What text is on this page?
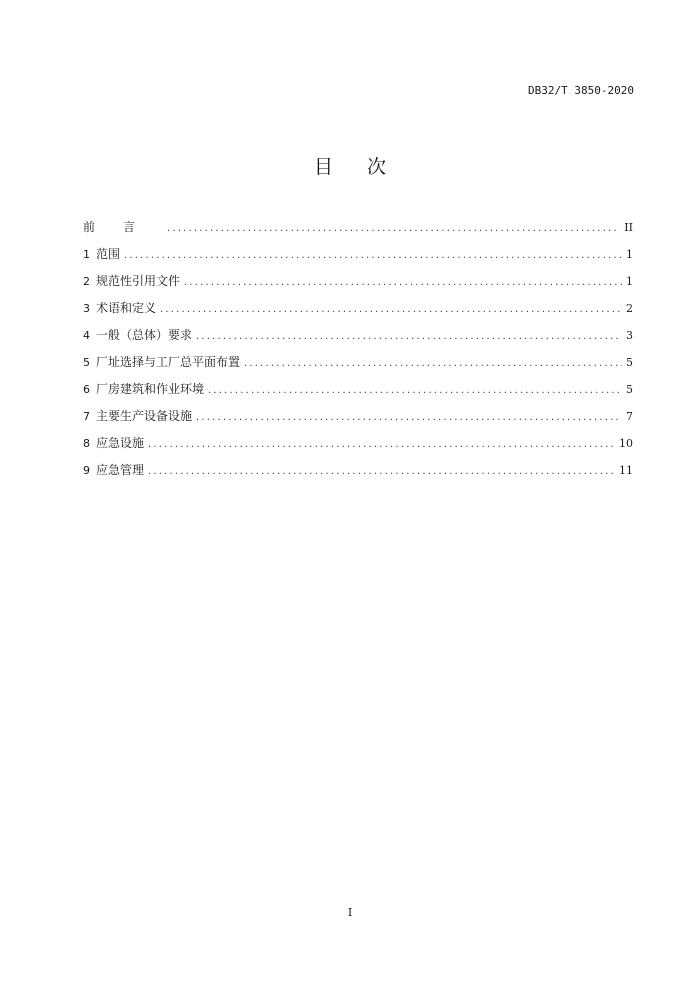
DB32/T 3850-2020
目次
前言 .....	II
1 范围 .....	1
2 规范性引用文件 .....	1
3 术语和定义 .....	2
4 一般（总体）要求 .....	3
5 厂址选择与工厂总平面布置 .....	5
6 厂房建筑和作业环境 .....	5
7 主要生产设备设施 .....	7
8 应急设施 .....	10
9 应急管理 .....	11
I
